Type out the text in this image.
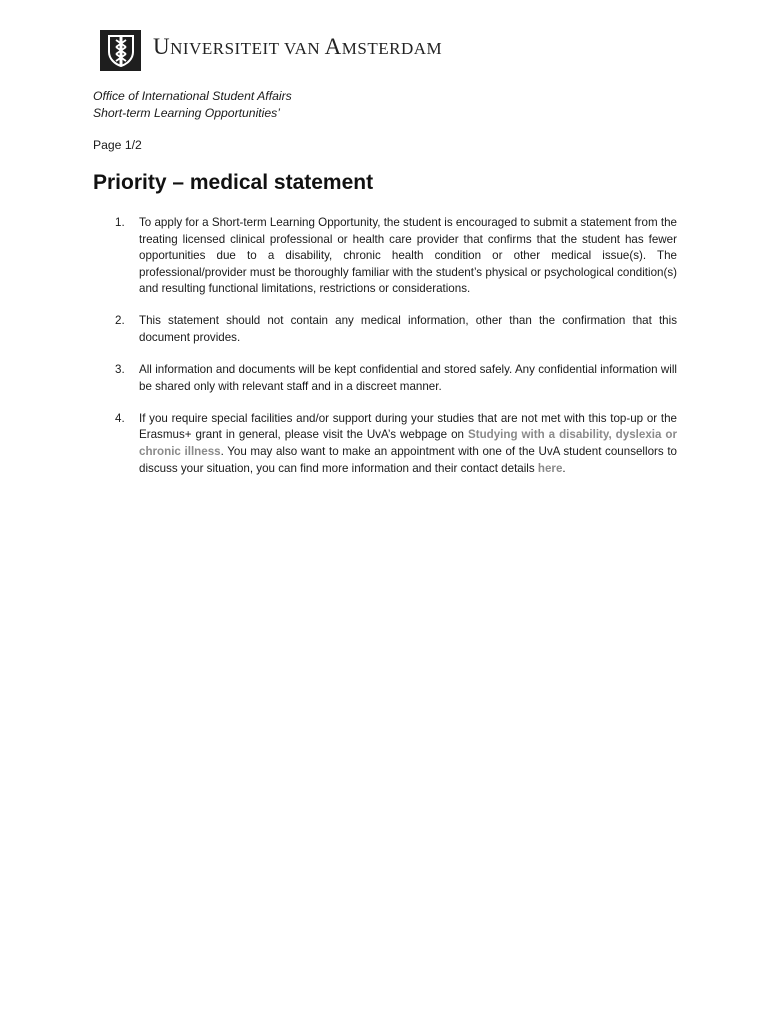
UNIVERSITEIT VAN AMSTERDAM
Office of International Student Affairs
Short-term Learning Opportunities’
Page 1/2
Priority – medical statement
1.	To apply for a Short-term Learning Opportunity, the student is encouraged to submit a statement from the treating licensed clinical professional or health care provider that confirms that the student has fewer opportunities due to a disability, chronic health condition or other medical issue(s). The professional/provider must be thoroughly familiar with the student’s physical or psychological condition(s) and resulting functional limitations, restrictions or considerations.
2.	This statement should not contain any medical information, other than the confirmation that this document provides.
3.	All information and documents will be kept confidential and stored safely. Any confidential information will be shared only with relevant staff and in a discreet manner.
4.	If you require special facilities and/or support during your studies that are not met with this top-up or the Erasmus+ grant in general, please visit the UvA’s webpage on Studying with a disability, dyslexia or chronic illness. You may also want to make an appointment with one of the UvA student counsellors to discuss your situation, you can find more information and their contact details here.
